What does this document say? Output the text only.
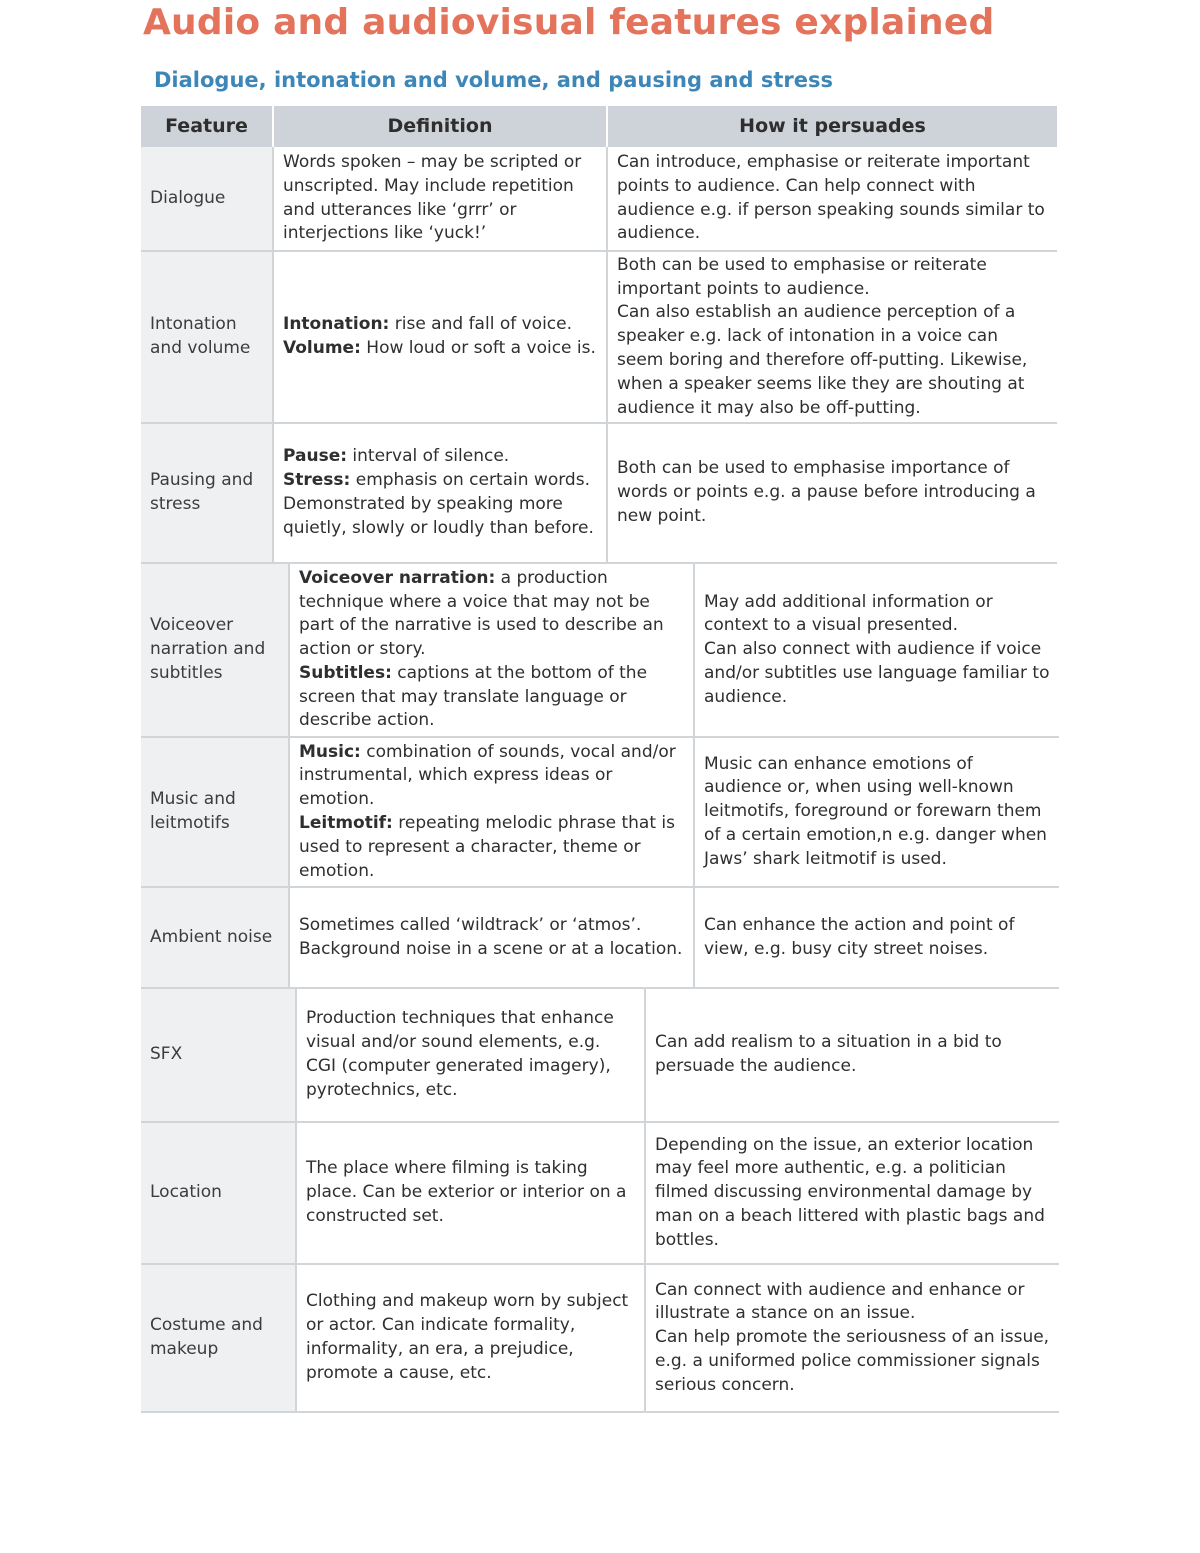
Audio and audiovisual features explained
Dialogue, intonation and volume, and pausing and stress
Feature	Definition	How it persuades
Dialogue
Words spoken – may be scripted or unscripted. May include repetition and utterances like ‘grrr’ or interjections like ‘yuck!’
Can introduce, emphasise or reiterate important points to audience. Can help connect with audience e.g. if person speaking sounds similar to audience.
Intonation and volume
Intonation: rise and fall of voice.
Volume: How loud or soft a voice is.
Both can be used to emphasise or reiterate important points to audience.
Can also establish an audience perception of a speaker e.g. lack of intonation in a voice can seem boring and therefore off-putting. Likewise, when a speaker seems like they are shouting at audience it may also be off-putting.
Pausing and stress
Pause: interval of silence.
Stress: emphasis on certain words. Demonstrated by speaking more quietly, slowly or loudly than before.
Both can be used to emphasise importance of words or points e.g. a pause before introducing a new point.
Voiceover narration and subtitles
Voiceover narration: a production technique where a voice that may not be part of the narrative is used to describe an action or story.
Subtitles: captions at the bottom of the screen that may translate language or describe action.
May add additional information or context to a visual presented.
Can also connect with audience if voice and/or subtitles use language familiar to audience.
Music and leitmotifs
Music: combination of sounds, vocal and/or instrumental, which express ideas or emotion.
Leitmotif: repeating melodic phrase that is used to represent a character, theme or emotion.
Music can enhance emotions of audience or, when using well-known leitmotifs, foreground or forewarn them of a certain emotion,n e.g. danger when Jaws’ shark leitmotif is used.
Ambient noise
Sometimes called ‘wildtrack’ or ‘atmos’. Background noise in a scene or at a location.
Can enhance the action and point of view, e.g. busy city street noises.
SFX
Production techniques that enhance visual and/or sound elements, e.g. CGI (computer generated imagery), pyrotechnics, etc.
Can add realism to a situation in a bid to persuade the audience.
Location
The place where filming is taking place. Can be exterior or interior on a constructed set.
Depending on the issue, an exterior location may feel more authentic, e.g. a politician filmed discussing environmental damage by man on a beach littered with plastic bags and bottles.
Costume and makeup
Clothing and makeup worn by subject or actor. Can indicate formality, informality, an era, a prejudice, promote a cause, etc.
Can connect with audience and enhance or illustrate a stance on an issue.
Can help promote the seriousness of an issue, e.g. a uniformed police commissioner signals serious concern.
